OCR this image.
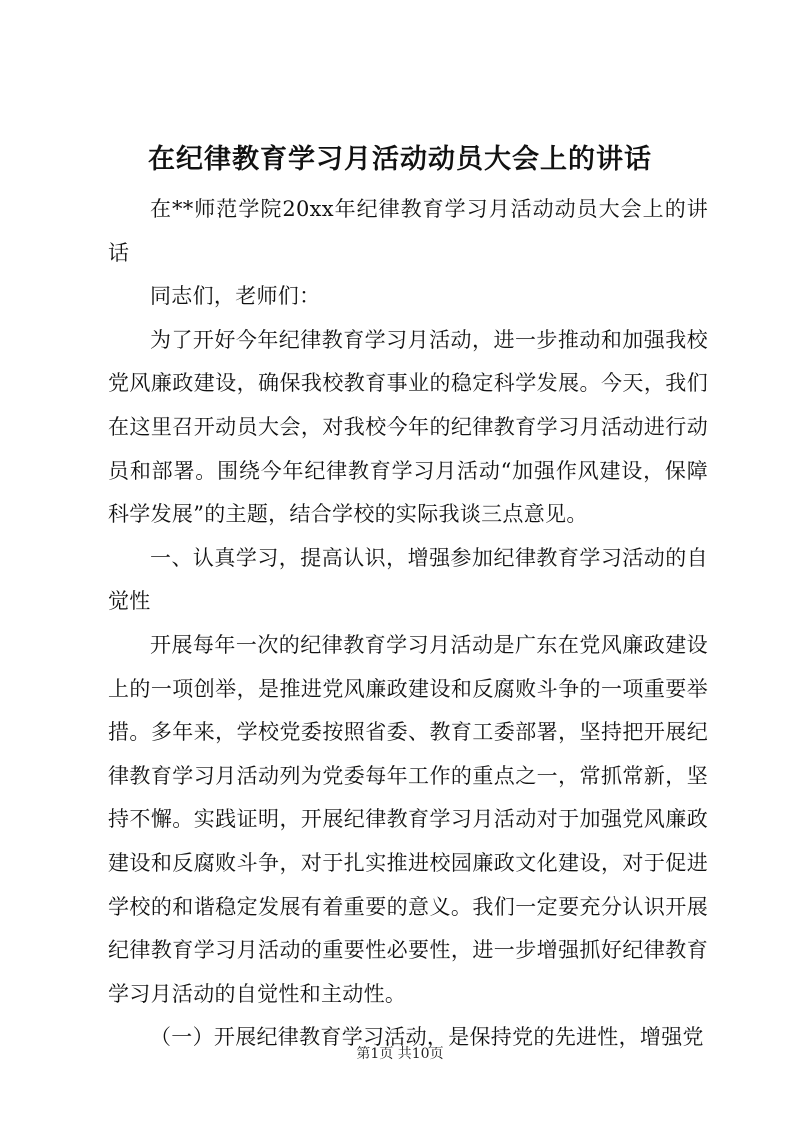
在纪律教育学习月活动动员大会上的讲话

在**师范学院20xx年纪律教育学习月活动动员大会上的讲话

同志们，老师们：

为了开好今年纪律教育学习月活动，进一步推动和加强我校党风廉政建设，确保我校教育事业的稳定科学发展。今天，我们在这里召开动员大会，对我校今年的纪律教育学习月活动进行动员和部署。围绕今年纪律教育学习月活动“加强作风建设，保障科学发展”的主题，结合学校的实际我谈三点意见。

一、认真学习，提高认识，增强参加纪律教育学习活动的自觉性

开展每年一次的纪律教育学习月活动是广东在党风廉政建设上的一项创举，是推进党风廉政建设和反腐败斗争的一项重要举措。多年来，学校党委按照省委、教育工委部署，坚持把开展纪律教育学习月活动列为党委每年工作的重点之一，常抓常新，坚持不懈。实践证明，开展纪律教育学习月活动对于加强党风廉政建设和反腐败斗争，对于扎实推进校园廉政文化建设，对于促进学校的和谐稳定发展有着重要的意义。我们一定要充分认识开展纪律教育学习月活动的重要性必要性，进一步增强抓好纪律教育学习月活动的自觉性和主动性。

（一）开展纪律教育学习活动，是保持党的先进性，增强党

第1页 共10页
